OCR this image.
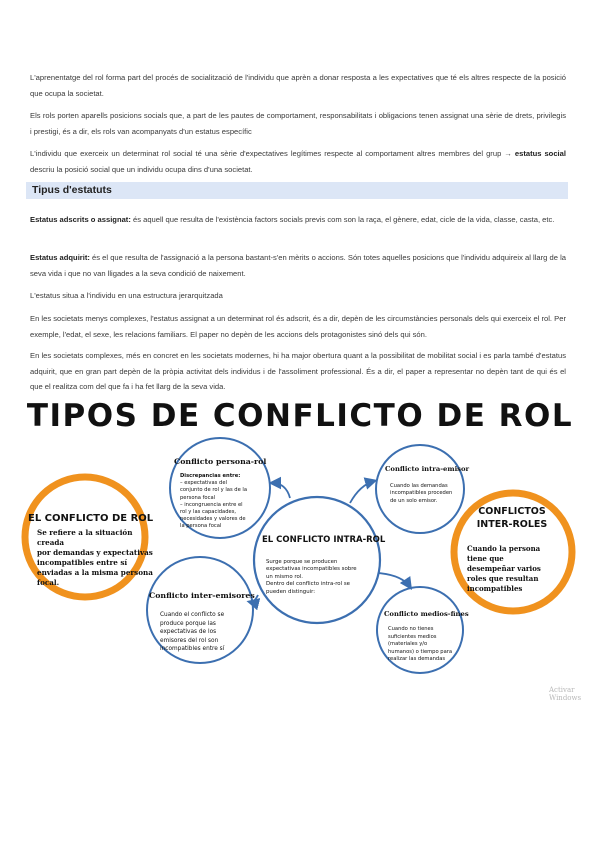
L'aprenentatge del rol forma part del procés de socialització de l'individu que aprèn a donar resposta a les expectatives que té els altres respecte de la posició que ocupa la societat.

Els rols porten aparells posicions socials que, a part de les pautes de comportament, responsabilitats i obligacions tenen assignat una sèrie de drets, privilegis i prestigi, és a dir, els rols van acompanyats d'un estatus específic

L'individu que exerceix un determinat rol social té una sèrie d'expectatives legítimes respecte al comportament altres membres del grup → estatus social descriu la posició social que un individu ocupa dins d'una societat.

Tipus d'estatuts

Estatus adscrits o assignat: és aquell que resulta de l'existència factors socials previs com son la raça, el gènere, edat, cicle de la vida, classe, casta, etc.

Estatus adquirit: és el que resulta de l'assignació a la persona bastant-s'en mèrits o accions. Són totes aquelles posicions que l'individu adquireix al llarg de la seva vida i que no van lligades a la seva condició de naixement.

L'estatus situa a l'individu en una estructura jerarquitzada

En les societats menys complexes, l'estatus assignat a un determinat rol és adscrit, és a dir, depèn de les circumstàncies personals dels qui exerceix el rol. Per exemple, l'edat, el sexe, les relacions familiars. El paper no depèn de les accions dels protagonistes sinó dels qui són.

En les societats complexes, més en concret en les societats modernes, hi ha major obertura quant a la possibilitat de mobilitat social i es parla també d'estatus adquirit, que en gran part depèn de la pròpia activitat dels individus i de l'assoliment professional. És a dir, el paper a representar no depèn tant de qui és el que el realitza com del que fa i ha fet llarg de la seva vida.

TIPOS DE CONFLICTO DE ROL
EL CONFLICTO DE ROL
Se refiere a la situación creada
por demandas y expectativas
incompatibles entre sí
enviadas a la misma persona
focal.
Conflicto persona-rol
Discrepancias entre:
– expectativas del
conjunto de rol y las de la
persona focal
– incongruencia entre el
rol y las capacidades,
necesidades y valores de
la persona focal
Conflicto intra-emisor
Cuando las demandas
incompatibles proceden
de un solo emisor.
EL CONFLICTO INTRA-ROL
Surge porque se producen
expectativas incompatibles sobre
un mismo rol.
Dentro del conflicto intra-rol se
pueden distinguir:
Conflicto inter-emisores
Cuando el conflicto se
produce porque las
expectativas de los
emisores del rol son
incompatibles entre sí
Conflicto medios-fines
Cuando no tienes
suficientes medios
(materiales y/o
humanos) o tiempo para
realizar las demandas
CONFLICTOS
INTER-ROLES
Cuando la persona
tiene que
desempeñar varios
roles que resultan
incompatibles
Activar Windows
